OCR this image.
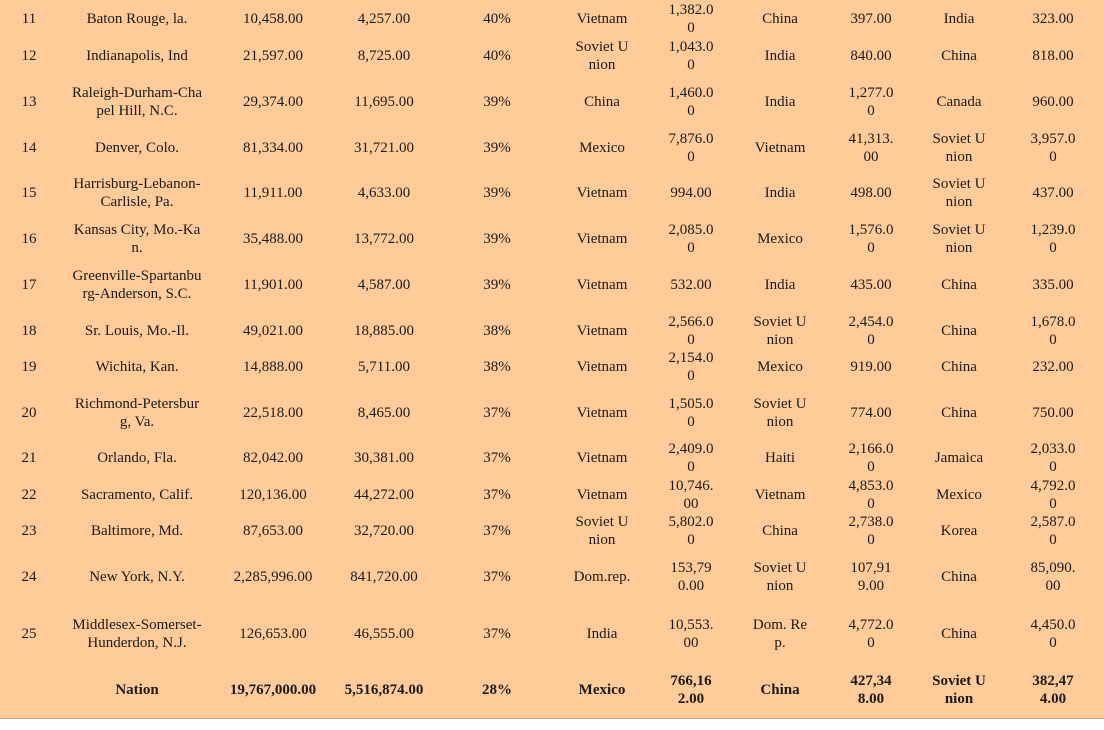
11	Baton Rouge, la.	10,458.00	4,257.00	40%	Vietnam	1,382.00	China	397.00	India	323.00
12	Indianapolis, Ind	21,597.00	8,725.00	40%	Soviet Union	1,043.00	India	840.00	China	818.00
13	Raleigh-Durham-Chapel Hill, N.C.	29,374.00	11,695.00	39%	China	1,460.00	India	1,277.00	Canada	960.00
14	Denver, Colo.	81,334.00	31,721.00	39%	Mexico	7,876.00	Vietnam	41,313.00	Soviet Union	3,957.00
15	Harrisburg-Lebanon-Carlisle, Pa.	11,911.00	4,633.00	39%	Vietnam	994.00	India	498.00	Soviet Union	437.00
16	Kansas City, Mo.-Kan.	35,488.00	13,772.00	39%	Vietnam	2,085.00	Mexico	1,576.00	Soviet Union	1,239.00
17	Greenville-Spartanburg-Anderson, S.C.	11,901.00	4,587.00	39%	Vietnam	532.00	India	435.00	China	335.00
18	Sr. Louis, Mo.-Il.	49,021.00	18,885.00	38%	Vietnam	2,566.00	Soviet Union	2,454.00	China	1,678.00
19	Wichita, Kan.	14,888.00	5,711.00	38%	Vietnam	2,154.00	Mexico	919.00	China	232.00
20	Richmond-Petersburg, Va.	22,518.00	8,465.00	37%	Vietnam	1,505.00	Soviet Union	774.00	China	750.00
21	Orlando, Fla.	82,042.00	30,381.00	37%	Vietnam	2,409.00	Haiti	2,166.00	Jamaica	2,033.00
22	Sacramento, Calif.	120,136.00	44,272.00	37%	Vietnam	10,746.00	Vietnam	4,853.00	Mexico	4,792.00
23	Baltimore, Md.	87,653.00	32,720.00	37%	Soviet Union	5,802.00	China	2,738.00	Korea	2,587.00
24	New York, N.Y.	2,285,996.00	841,720.00	37%	Dom.rep.	153,790.00	Soviet Union	107,919.00	China	85,090.00
25	Middlesex-Somerset-Hunderdon, N.J.	126,653.00	46,555.00	37%	India	10,553.00	Dom. Rep.	4,772.00	China	4,450.00
	Nation	19,767,000.00	5,516,874.00	28%	Mexico	766,162.00	China	427,348.00	Soviet Union	382,474.00
